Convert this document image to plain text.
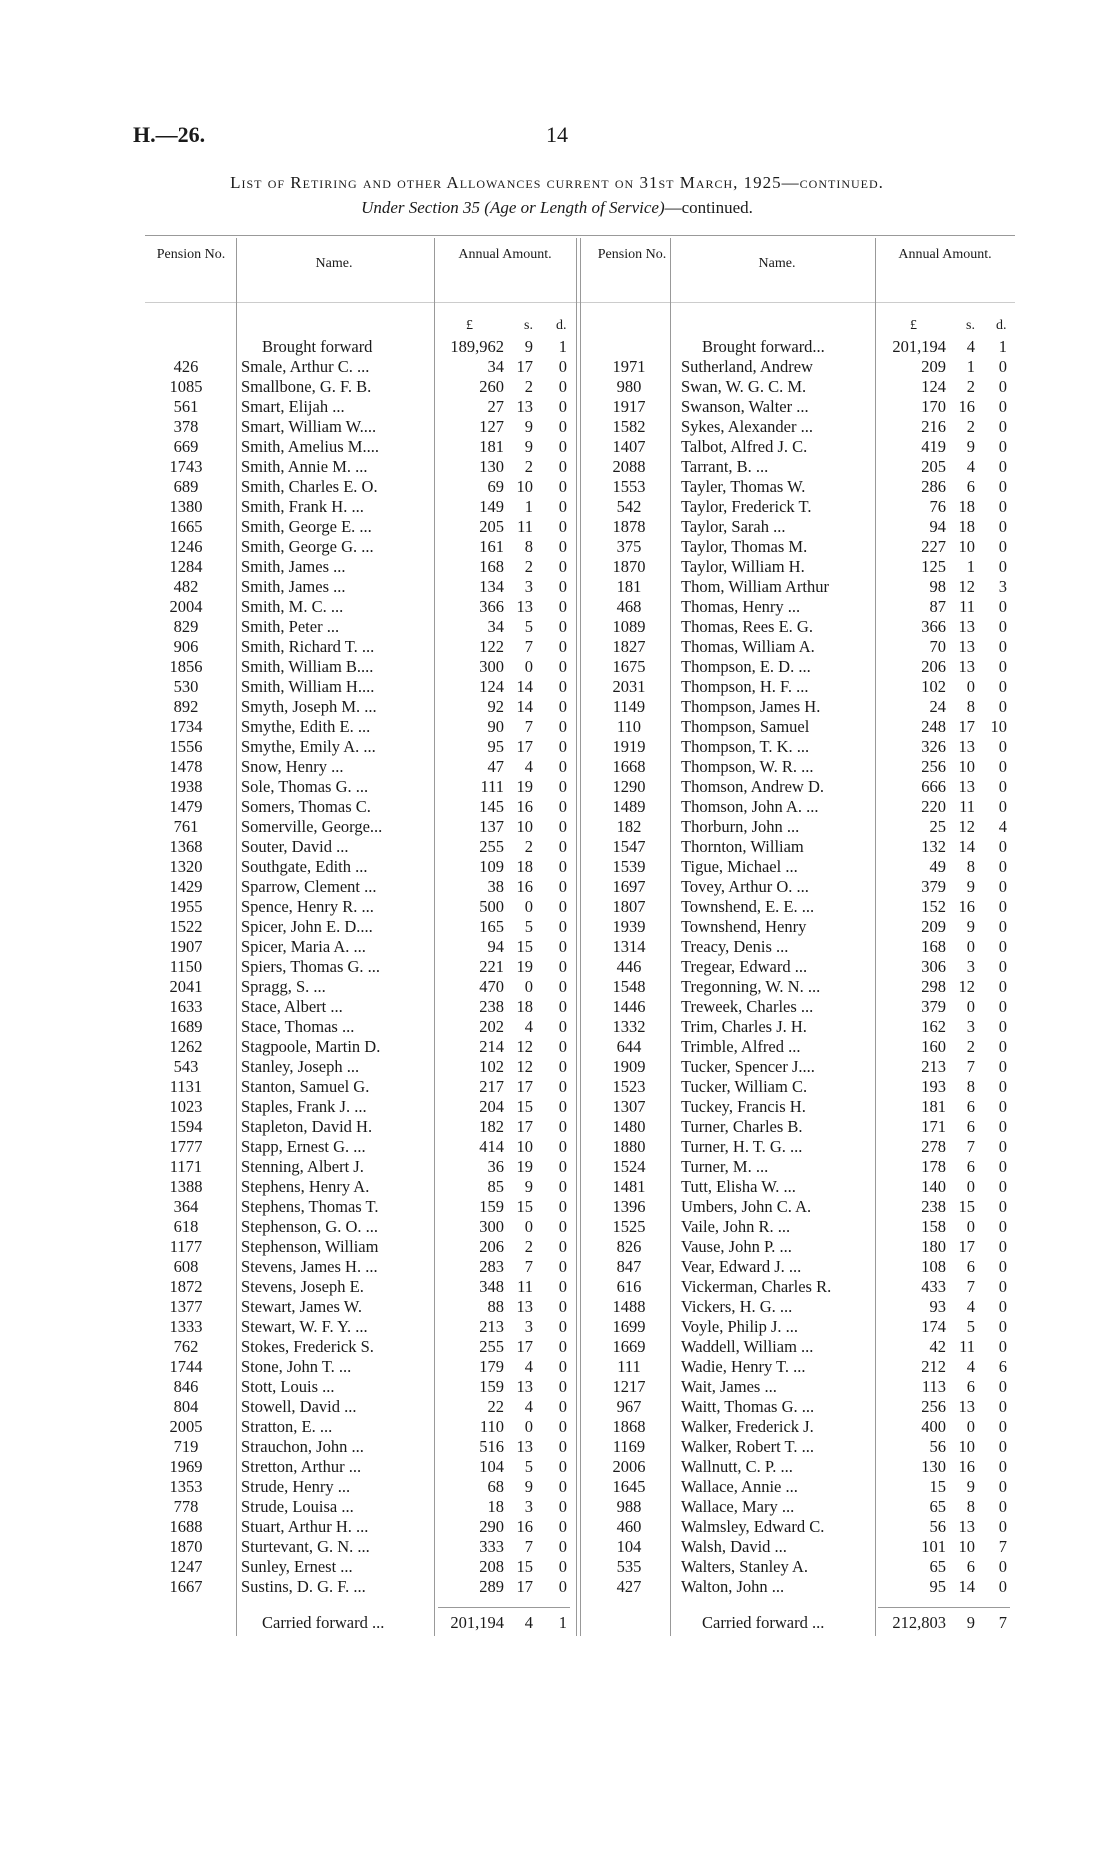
H.—26.	14
List of Retiring and other Allowances current on 31st March, 1925—continued.
Under Section 35 (Age or Length of Service)—continued.
Pension No.
Name.
Annual Amount.	Pension No.
Name.
Annual Amount.
£	s. d.	£	s. d.
Brought forward	189,962	9	1
426	Smale, Arthur C. ...	34 17	0
1085	Smallbone, G. F. B.	260	2	0
561	Smart, Elijah ...	27 13	0
378	Smart, William W....	127	9	0
669	Smith, Amelius M....	181	9	0
1743	Smith, Annie M. ...	130	2	0
689	Smith, Charles E. O.	69 10	0
1380	Smith, Frank H. ...	149	1	0
1665	Smith, George E. ...	205 11	0
1246	Smith, George G. ...	161	8	0
1284	Smith, James ...	168	2	0
482	Smith, James ...	134	3	0
2004	Smith, M. C. ...	366 13	0
829	Smith, Peter ...	34	5	0
906	Smith, Richard T. ...	122	7	0
1856	Smith, William B....	300	0	0
530	Smith, William H....	124 14	0
892	Smyth, Joseph M. ...	92 14	0
1734	Smythe, Edith E. ...	90	7	0
1556	Smythe, Emily A. ...	95 17	0
1478	Snow, Henry ...	47	4	0
1938	Sole, Thomas G. ...	111 19	0
1479	Somers, Thomas C.	145 16	0
761	Somerville, George...	137 10	0
1368	Souter, David ...	255	2	0
1320	Southgate, Edith ...	109 18	0
1429	Sparrow, Clement ...	38 16	0
1955	Spence, Henry R. ...	500	0	0
1522	Spicer, John E. D....	165	5	0
1907	Spicer, Maria A. ...	94 15	0
1150	Spiers, Thomas G. ...	221 19	0
2041	Spragg, S. ...	470	0	0
1633	Stace, Albert ...	238 18	0
1689	Stace, Thomas ...	202	4	0
1262	Stagpoole, Martin D.	214 12	0
543	Stanley, Joseph ...	102 12	0
1131	Stanton, Samuel G.	217 17	0
1023	Staples, Frank J. ...	204 15	0
1594	Stapleton, David H.	182 17	0
1777	Stapp, Ernest G. ...	414 10	0
1171	Stenning, Albert J.	36 19	0
1388	Stephens, Henry A.	85	9	0
364	Stephens, Thomas T.	159 15	0
618	Stephenson, G. O. ...	300	0	0
1177	Stephenson, William	206	2	0
608	Stevens, James H. ...	283	7	0
1872	Stevens, Joseph E.	348 11	0
1377	Stewart, James W.	88 13	0
1333	Stewart, W. F. Y. ...	213	3	0
762	Stokes, Frederick S.	255 17	0
1744	Stone, John T. ...	179	4	0
846	Stott, Louis ...	159 13	0
804	Stowell, David ...	22	4	0
2005	Stratton, E. ...	110	0	0
719	Strauchon, John ...	516 13	0
1969	Stretton, Arthur ...	104	5	0
1353	Strude, Henry ...	68	9	0
778	Strude, Louisa ...	18	3	0
1688	Stuart, Arthur H. ...	290 16	0
1870	Sturtevant, G. N. ...	333	7	0
1247	Sunley, Ernest ...	208 15	0
1667	Sustins, D. G. F. ...	289 17	0
Carried forward ...	201,194	4	1
Brought forward...	201,194	4	1
1971	Sutherland, Andrew	209	1	0
980	Swan, W. G. C. M.	124	2	0
1917	Swanson, Walter ...	170 16	0
1582	Sykes, Alexander ...	216	2	0
1407	Talbot, Alfred J. C.	419	9	0
2088	Tarrant, B. ...	205	4	0
1553	Tayler, Thomas W.	286	6	0
542	Taylor, Frederick T.	76 18	0
1878	Taylor, Sarah ...	94 18	0
375	Taylor, Thomas M.	227 10	0
1870	Taylor, William H.	125	1	0
181	Thom, William Arthur	98 12	3
468	Thomas, Henry ...	87 11	0
1089	Thomas, Rees E. G.	366 13	0
1827	Thomas, William A.	70 13	0
1675	Thompson, E. D. ...	206 13	0
2031	Thompson, H. F. ...	102	0	0
1149	Thompson, James H.	24	8	0
110	Thompson, Samuel	248 17 10
1919	Thompson, T. K. ...	326 13	0
1668	Thompson, W. R. ...	256 10	0
1290	Thomson, Andrew D.	666 13	0
1489	Thomson, John A. ...	220 11	0
182	Thorburn, John ...	25 12	4
1547	Thornton, William	132 14	0
1539	Tigue, Michael ...	49	8	0
1697	Tovey, Arthur O. ...	379	9	0
1807	Townshend, E. E. ...	152 16	0
1939	Townshend, Henry	209	9	0
1314	Treacy, Denis ...	168	0	0
446	Tregear, Edward ...	306	3	0
1548	Tregonning, W. N. ...	298 12	0
1446	Treweek, Charles ...	379	0	0
1332	Trim, Charles J. H.	162	3	0
644	Trimble, Alfred ...	160	2	0
1909	Tucker, Spencer J....	213	7	0
1523	Tucker, William C.	193	8	0
1307	Tuckey, Francis H.	181	6	0
1480	Turner, Charles B.	171	6	0
1880	Turner, H. T. G. ...	278	7	0
1524	Turner, M. ...	178	6	0
1481	Tutt, Elisha W. ...	140	0	0
1396	Umbers, John C. A.	238 15	0
1525	Vaile, John R. ...	158	0	0
826	Vause, John P. ...	180 17	0
847	Vear, Edward J. ...	108	6	0
616	Vickerman, Charles R.	433	7	0
1488	Vickers, H. G. ...	93	4	0
1699	Voyle, Philip J. ...	174	5	0
1669	Waddell, William ...	42 11	0
111	Wadie, Henry T. ...	212	4	6
1217	Wait, James ...	113	6	0
967	Waitt, Thomas G. ...	256 13	0
1868	Walker, Frederick J.	400	0	0
1169	Walker, Robert T. ...	56 10	0
2006	Wallnutt, C. P. ...	130 16	0
1645	Wallace, Annie ...	15	9	0
988	Wallace, Mary ...	65	8	0
460	Walmsley, Edward C.	56 13	0
104	Walsh, David ...	101 10	7
535	Walters, Stanley A.	65	6	0
427	Walton, John ...	95 14	0
Carried forward ...	212,803	9	7
